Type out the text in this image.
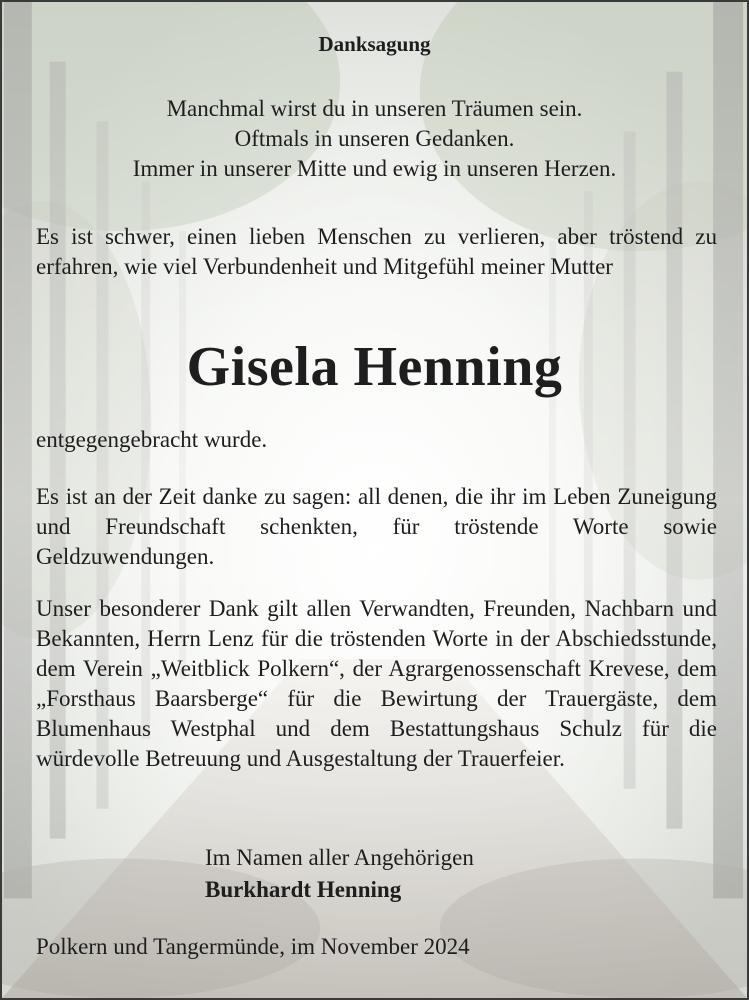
Danksagung
Manchmal wirst du in unseren Träumen sein.
Oftmals in unseren Gedanken.
Immer in unserer Mitte und ewig in unseren Herzen.
Es ist schwer, einen lieben Menschen zu verlieren, aber tröstend zu erfahren, wie viel Verbundenheit und Mitgefühl meiner Mutter
Gisela Henning
entgegengebracht wurde.
Es ist an der Zeit danke zu sagen: all denen, die ihr im Leben Zuneigung und Freundschaft schenkten, für tröstende Worte sowie Geldzuwendungen.
Unser besonderer Dank gilt allen Verwandten, Freunden, Nachbarn und Bekannten, Herrn Lenz für die tröstenden Worte in der Abschiedsstunde, dem Verein „Weitblick Polkern“, der Agrargenossenschaft Krevese, dem „Forsthaus Baarsberge“ für die Bewirtung der Trauergäste, dem Blumenhaus Westphal und dem Bestattungshaus Schulz für die würdevolle Betreuung und Ausgestaltung der Trauerfeier.
Im Namen aller Angehörigen
Burkhardt Henning
Polkern und Tangermünde, im November 2024
